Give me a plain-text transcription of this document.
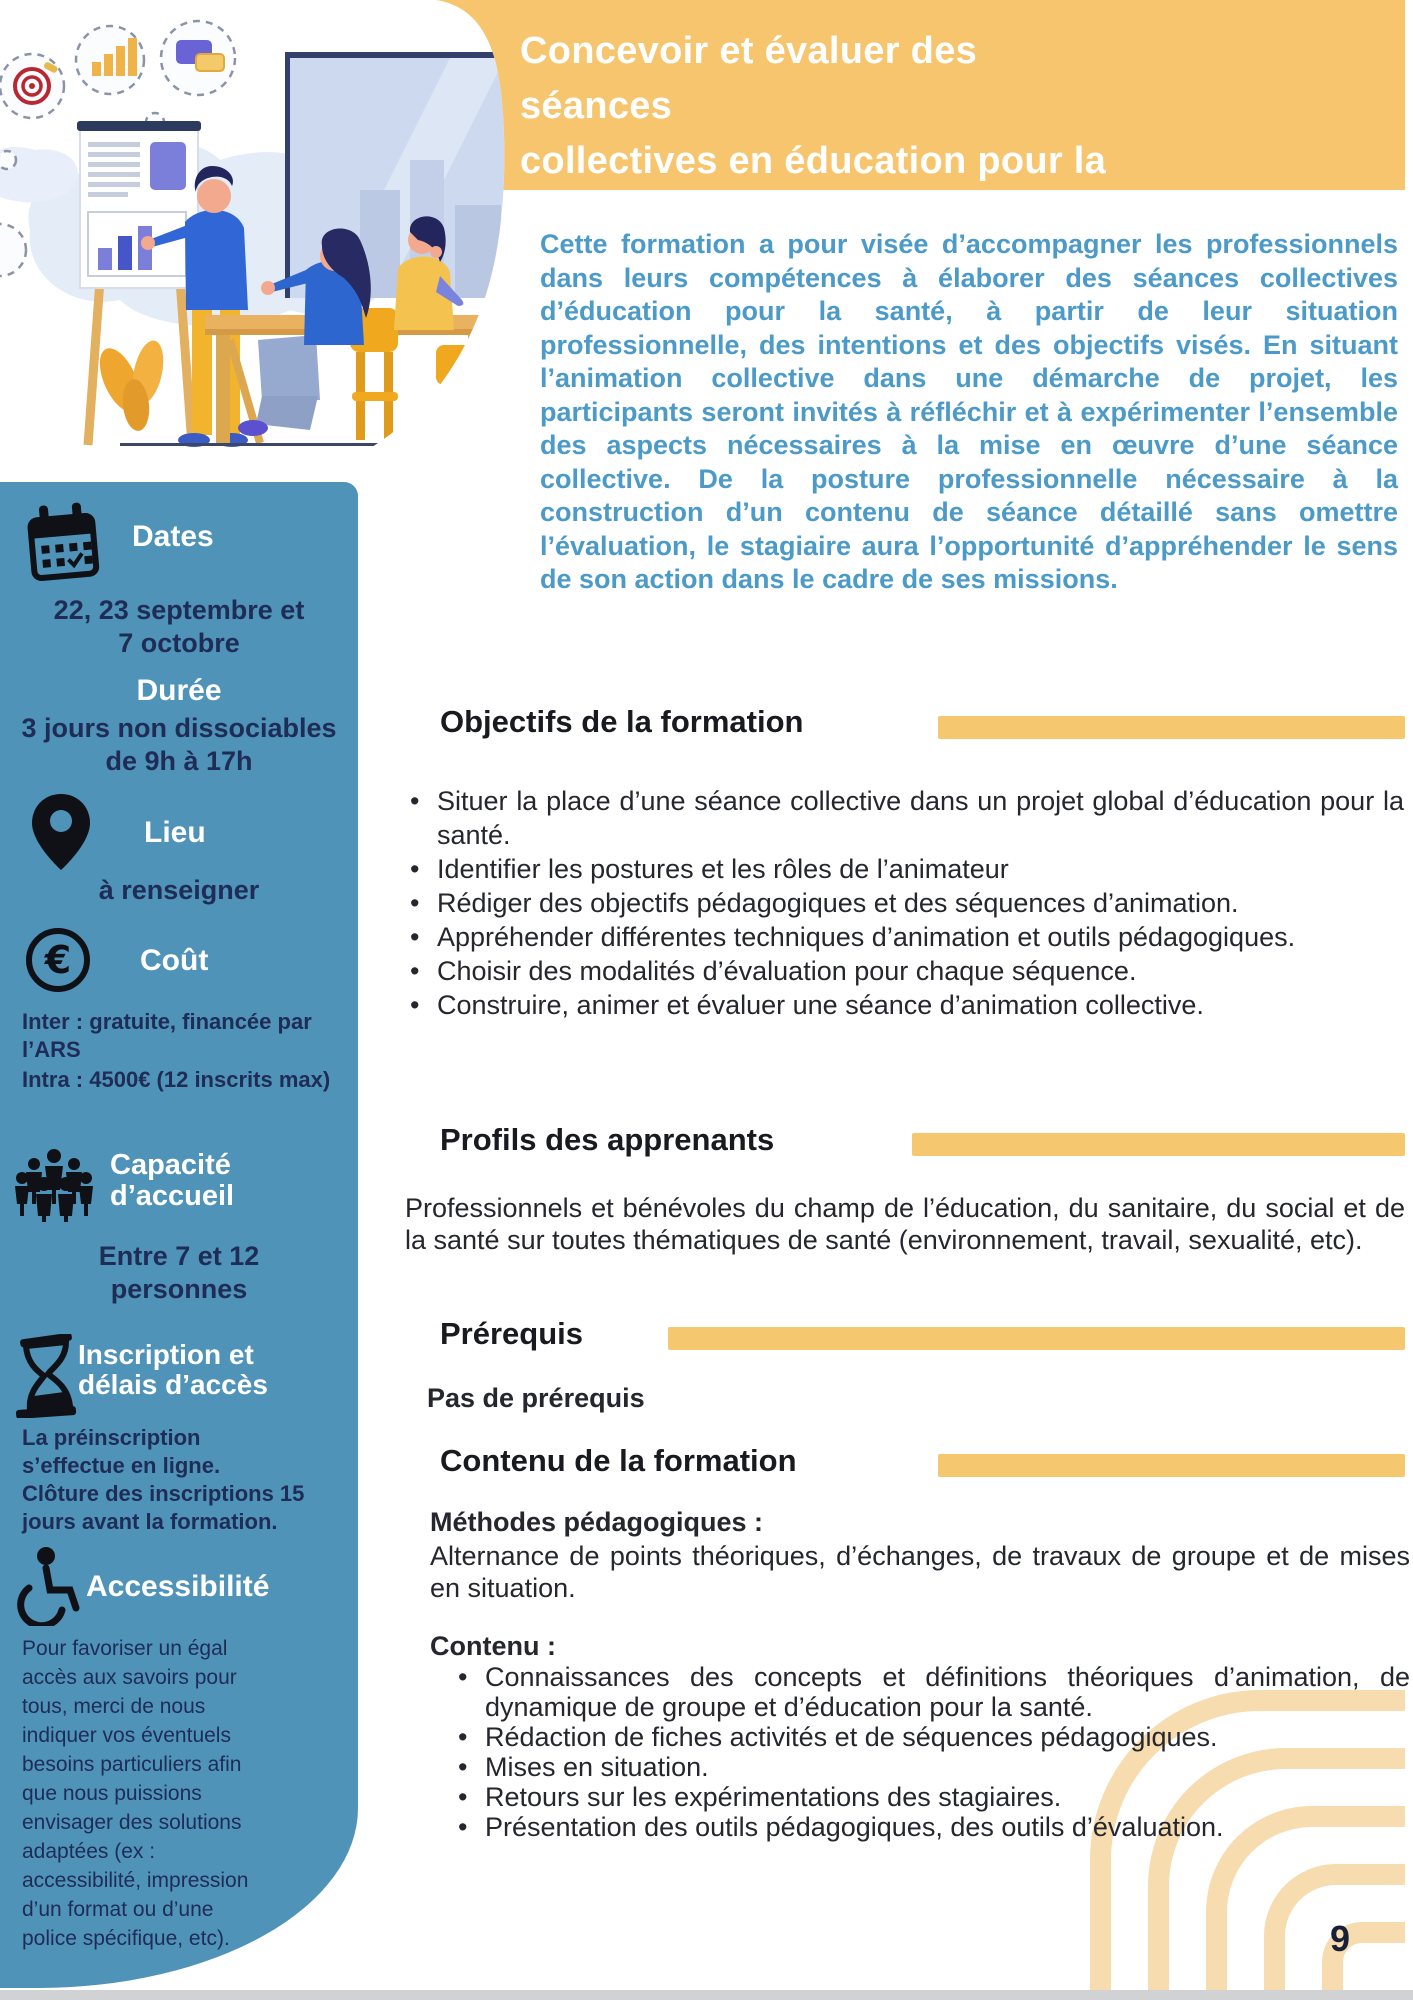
Concevoir et évaluer des séances
collectives en éducation pour la santé
Dates
22, 23 septembre et
7 octobre
Durée
3 jours non dissociables
de 9h à 17h
Lieu
à renseigner
€ Coût
Inter : gratuite, financée par l’ARS
Intra : 4500€ (12 inscrits max)
Capacité
d’accueil
Entre 7 et 12
personnes
Inscription et
délais d’accès
La préinscription s’effectue en ligne.
Clôture des inscriptions 15 jours avant la formation.
Accessibilité
Pour favoriser un égal accès aux savoirs pour tous, merci de nous indiquer vos éventuels besoins particuliers afin que nous puissions envisager des solutions adaptées (ex : accessibilité, impression d’un format ou d’une police spécifique, etc).
Cette formation a pour visée d’accompagner les professionnels dans leurs compétences à élaborer des séances collectives d’éducation pour la santé, à partir de leur situation professionnelle, des intentions et des objectifs visés. En situant l’animation collective dans une démarche de projet, les participants seront invités à réfléchir et à expérimenter l’ensemble des aspects nécessaires à la mise en œuvre d’une séance collective. De la posture professionnelle nécessaire à la construction d’un contenu de séance détaillé sans omettre l’évaluation, le stagiaire aura l’opportunité d’appréhender le sens de son action dans le cadre de ses missions.
Objectifs de la formation
• Situer la place d’une séance collective dans un projet global d’éducation pour la santé.
• Identifier les postures et les rôles de l’animateur
• Rédiger des objectifs pédagogiques et des séquences d’animation.
• Appréhender différentes techniques d’animation et outils pédagogiques.
• Choisir des modalités d’évaluation pour chaque séquence.
• Construire, animer et évaluer une séance d’animation collective.
Profils des apprenants
Professionnels et bénévoles du champ de l’éducation, du sanitaire, du social et de la santé sur toutes thématiques de santé (environnement, travail, sexualité, etc).
Prérequis
Pas de prérequis
Contenu de la formation
Méthodes pédagogiques :
Alternance de points théoriques, d’échanges, de travaux de groupe et de mises en situation.
Contenu :
• Connaissances des concepts et définitions théoriques d’animation, de dynamique de groupe et d’éducation pour la santé.
• Rédaction de fiches activités et de séquences pédagogiques.
• Mises en situation.
• Retours sur les expérimentations des stagiaires.
• Présentation des outils pédagogiques, des outils d’évaluation.
9
